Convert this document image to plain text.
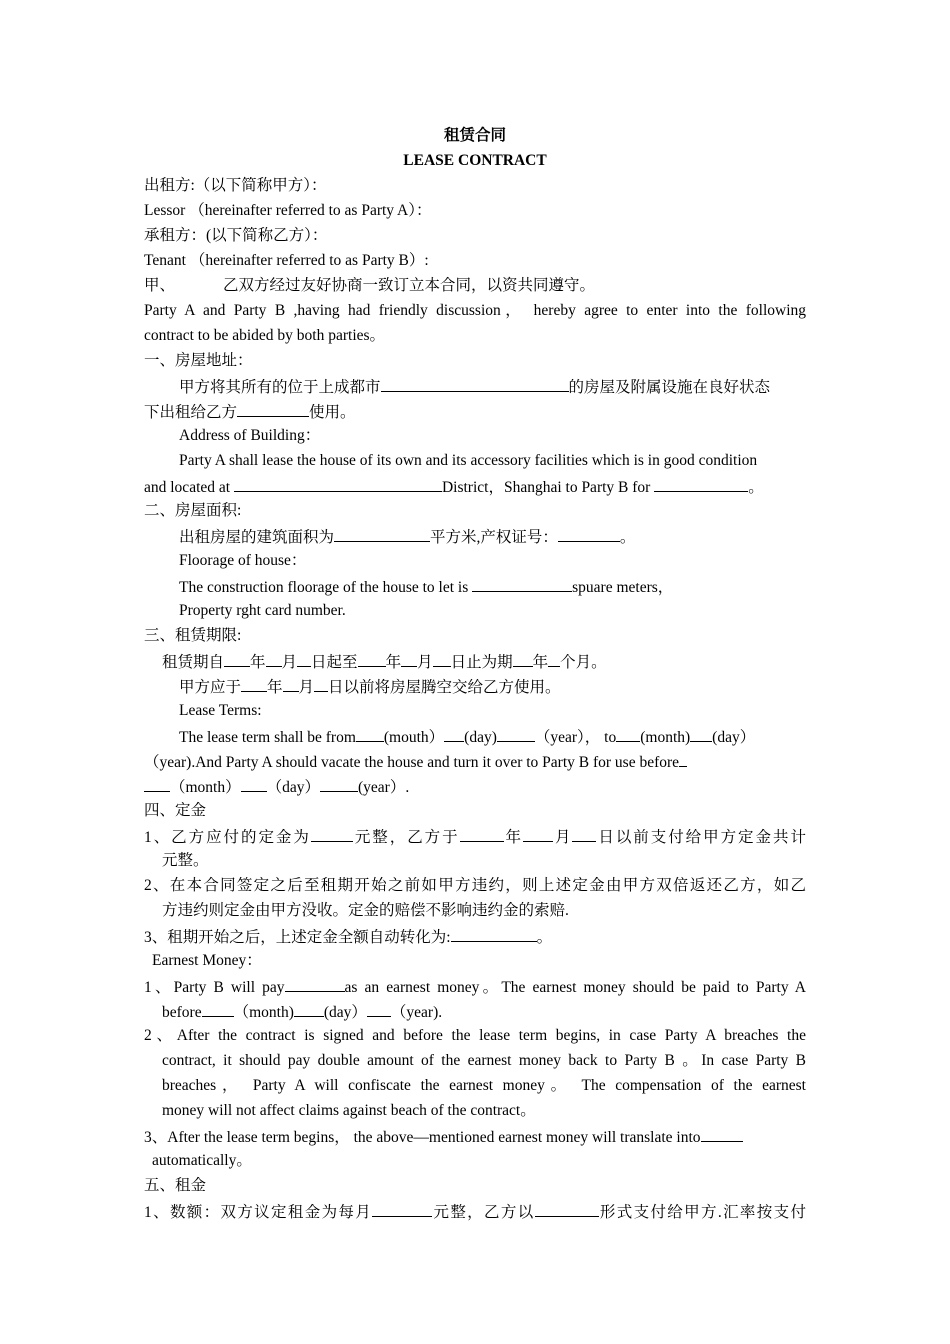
租赁合同
LEASE CONTRACT
出租方:（以下简称甲方）：
Lessor （hereinafter referred to as Party A）：
承租方：(以下简称乙方）：
Tenant （hereinafter referred to as Party B）:
甲、	乙双方经过友好协商一致订立本合同，以资共同遵守。
Party A and Party B ,having had friendly discussion， hereby agree to enter into the following
contract to be abided by both parties。
一、房屋地址：
甲方将其所有的位于上成都市	的房屋及附属设施在良好状态
下出租给乙方	使用。
Address of Building：
Party A shall lease the house of its own and its accessory facilities which is in good condition
and located at	District，Shanghai to Party B for	。
二、房屋面积:
出租房屋的建筑面积为	平方米,产权证号：	。
Floorage of house：
The construction floorage of the house to let is	spuare meters，
Property rght card number.
三、租赁期限:
租赁期自 年 月 日起至 年 月 日止为期 年 个月。
甲方应于 年 月 日以前将房屋腾空交给乙方使用。
Lease Terms:
The lease term shall be from (mouth） (day) （year）， to (month) (day）
（year).And Party A should vacate the house and turn it over to Party B for use before
（month） （day） (year）.
四、定金
1、乙方应付的定金为	元整，乙方于	年 月 日以前支付给甲方定金共计
元整。
2、在本合同签定之后至租期开始之前如甲方违约，则上述定金由甲方双倍返还乙方，如乙
方违约则定金由甲方没收。定金的赔偿不影响违约金的索赔.
3、租期开始之后，上述定金全额自动转化为:	。
Earnest Money：
1、Party B will pay	as an earnest money。The earnest money should be paid to Party A
before （month) (day） （year).
2、After the contract is signed and before the lease term begins, in case Party A breaches the
contract, it should pay double amount of the earnest money back to Party B 。In case Party B
breaches， Party A will confiscate the earnest money。 The compensation of the earnest
money will not affect claims against beach of the contract。
3、After the lease term begins， the above—mentioned earnest money will translate into
automatically。
五、租金
1、数额：双方议定租金为每月	元整，乙方以	形式支付给甲方.汇率按支付
